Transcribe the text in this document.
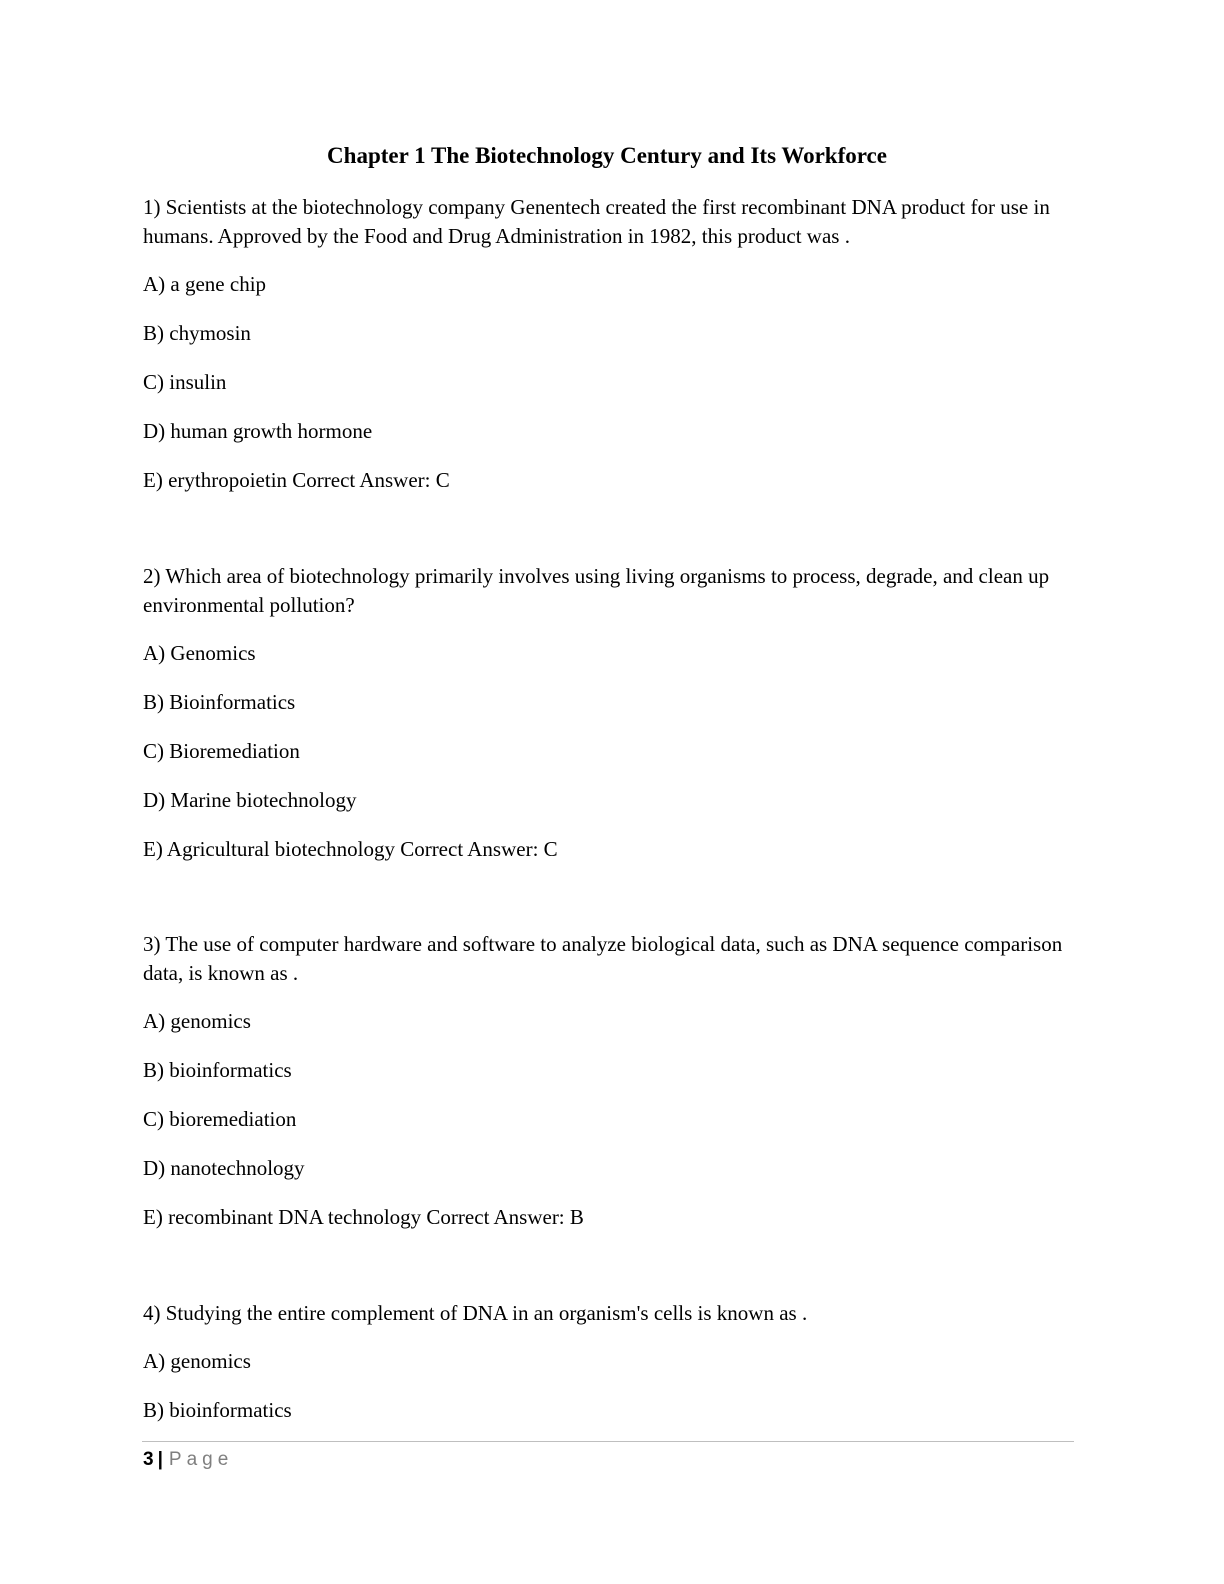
Chapter 1 The Biotechnology Century and Its Workforce

1) Scientists at the biotechnology company Genentech created the first recombinant DNA product for use in humans. Approved by the Food and Drug Administration in 1982, this product was .

A) a gene chip

B) chymosin

C) insulin

D) human growth hormone

E) erythropoietin Correct Answer: C

2) Which area of biotechnology primarily involves using living organisms to process, degrade, and clean up environmental pollution?

A) Genomics

B) Bioinformatics

C) Bioremediation

D) Marine biotechnology

E) Agricultural biotechnology Correct Answer: C

3) The use of computer hardware and software to analyze biological data, such as DNA sequence comparison data, is known as .

A) genomics

B) bioinformatics

C) bioremediation

D) nanotechnology

E) recombinant DNA technology Correct Answer: B

4) Studying the entire complement of DNA in an organism's cells is known as .

A) genomics

B) bioinformatics

3 | Page
